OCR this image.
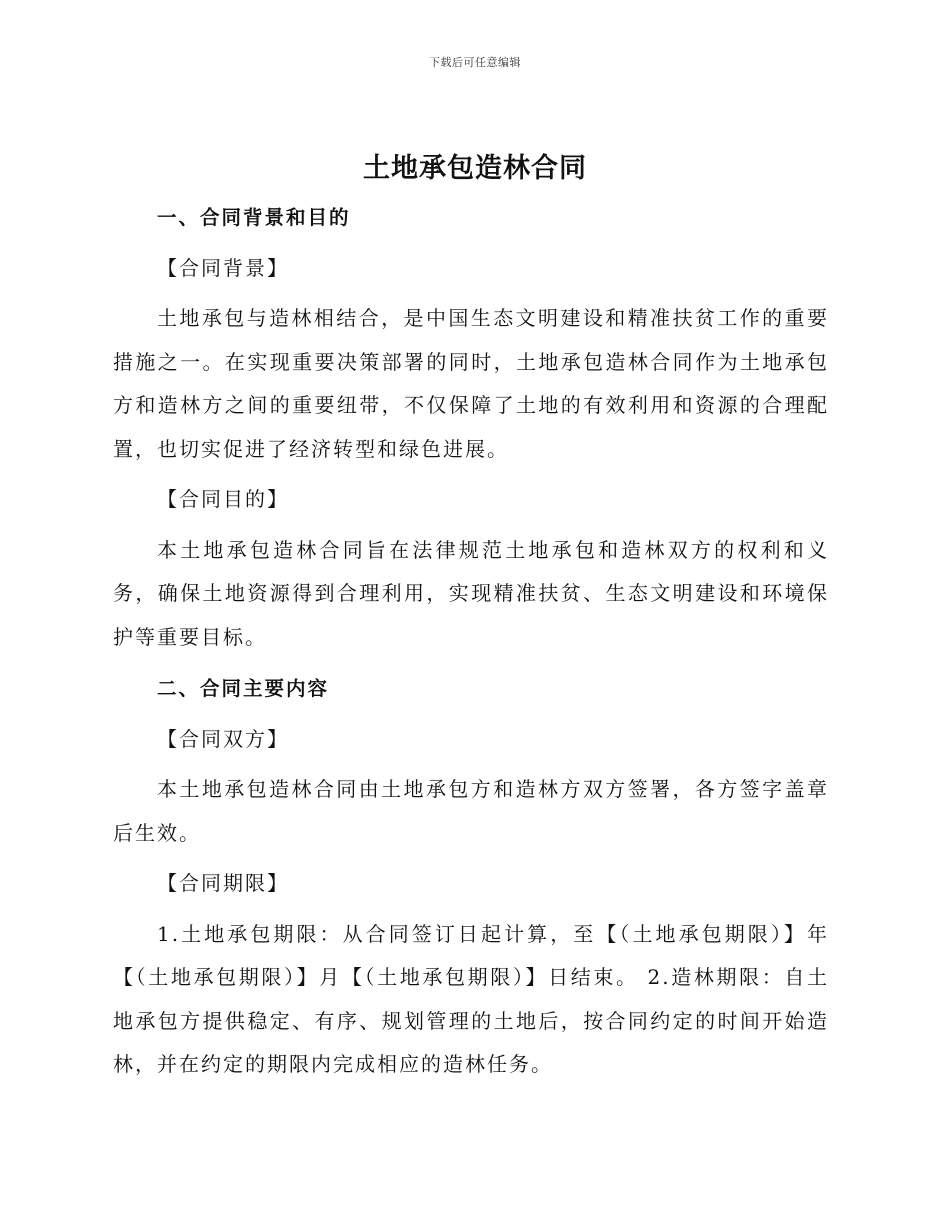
下载后可任意编辑
土地承包造林合同

一、合同背景和目的

【合同背景】

土地承包与造林相结合，是中国生态文明建设和精准扶贫工作的重要措施之一。在实现重要决策部署的同时，土地承包造林合同作为土地承包方和造林方之间的重要纽带，不仅保障了土地的有效利用和资源的合理配置，也切实促进了经济转型和绿色进展。

【合同目的】

本土地承包造林合同旨在法律规范土地承包和造林双方的权利和义务，确保土地资源得到合理利用，实现精准扶贫、生态文明建设和环境保护等重要目标。

二、合同主要内容

【合同双方】

本土地承包造林合同由土地承包方和造林方双方签署，各方签字盖章后生效。

【合同期限】

1.土地承包期限：从合同签订日起计算，至【（土地承包期限）】年【（土地承包期限）】月【（土地承包期限）】日结束。 2.造林期限：自土地承包方提供稳定、有序、规划管理的土地后，按合同约定的时间开始造林，并在约定的期限内完成相应的造林任务。
